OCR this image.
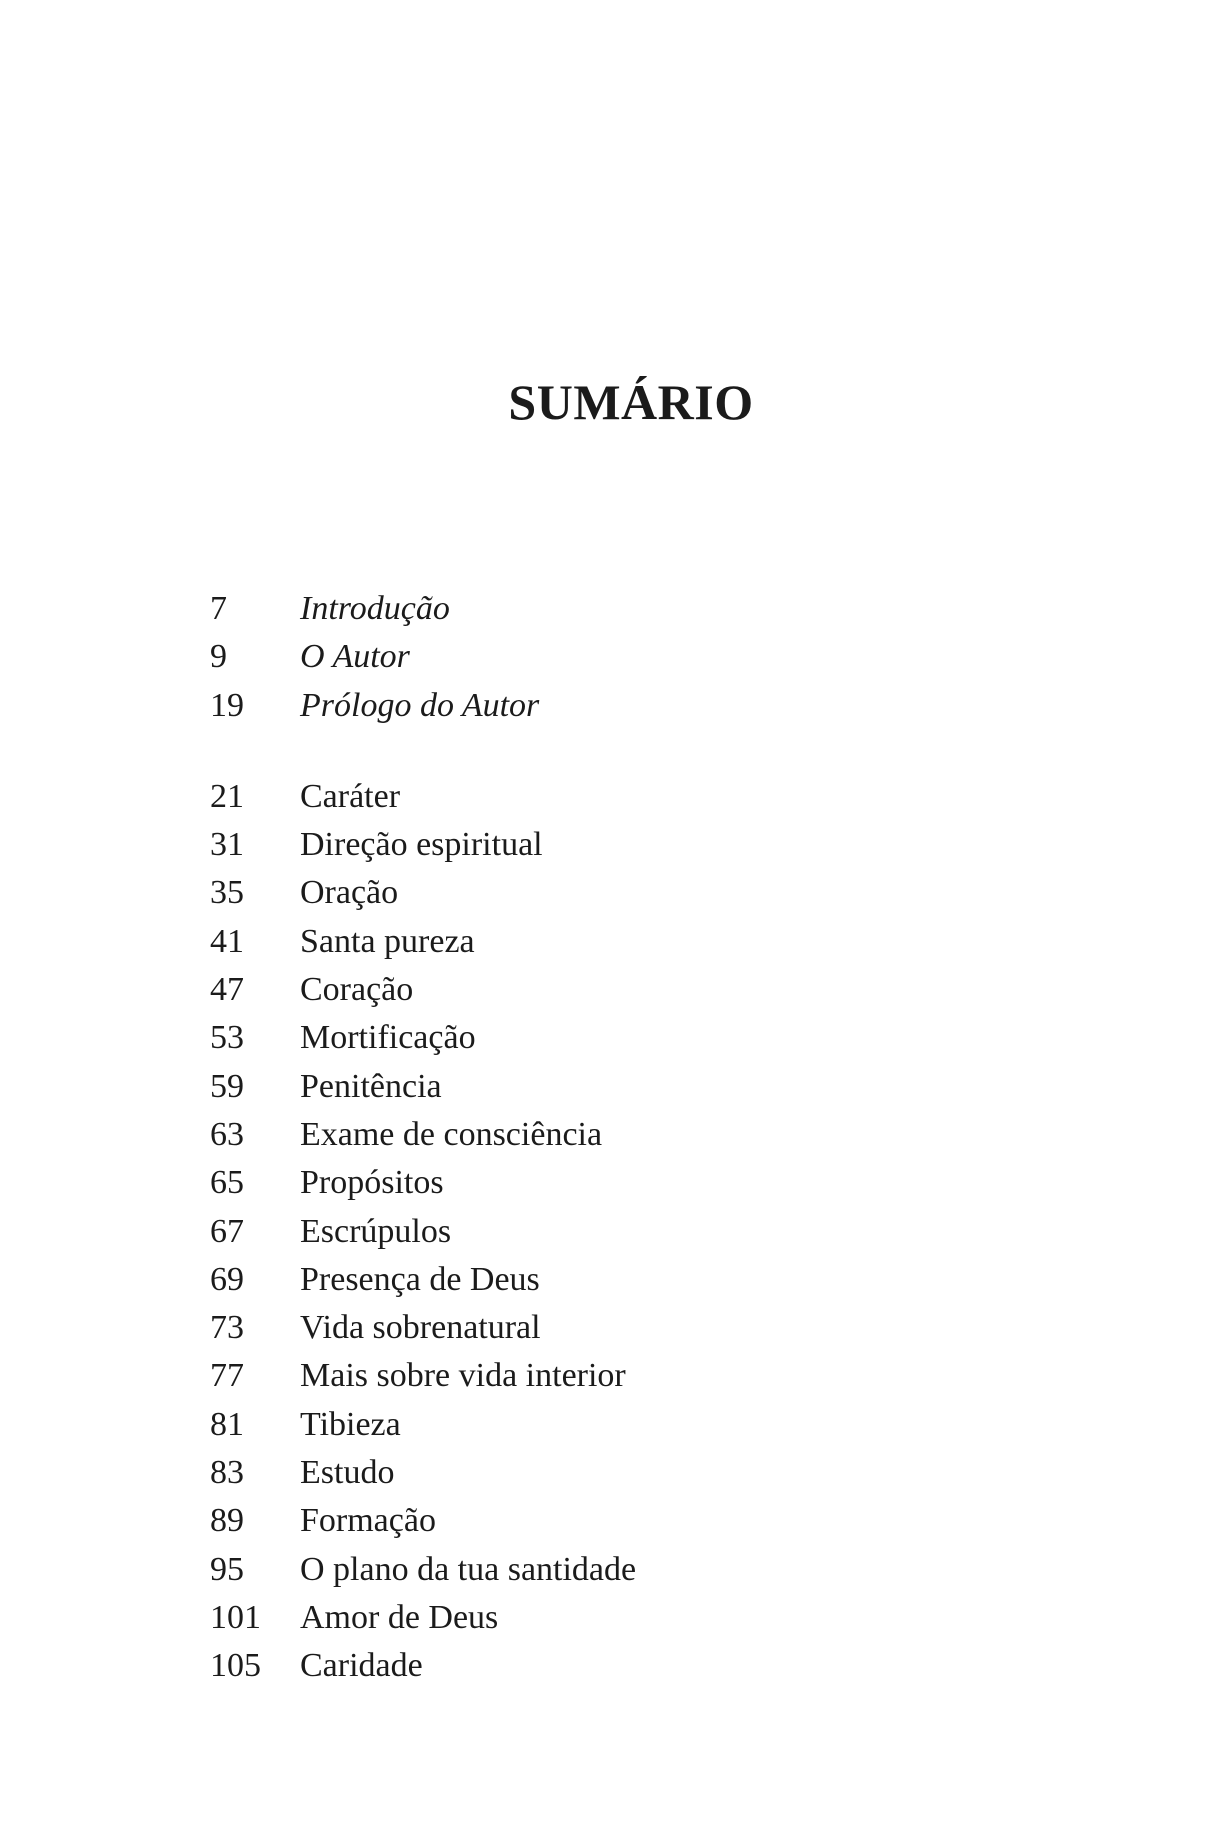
SUMÁRIO
7	Introdução
9	O Autor
19	Prólogo do Autor
21	Caráter
31	Direção espiritual
35	Oração
41	Santa pureza
47	Coração
53	Mortificação
59	Penitência
63	Exame de consciência
65	Propósitos
67	Escrúpulos
69	Presença de Deus
73	Vida sobrenatural
77	Mais sobre vida interior
81	Tibieza
83	Estudo
89	Formação
95	O plano da tua santidade
101	Amor de Deus
105	Caridade
